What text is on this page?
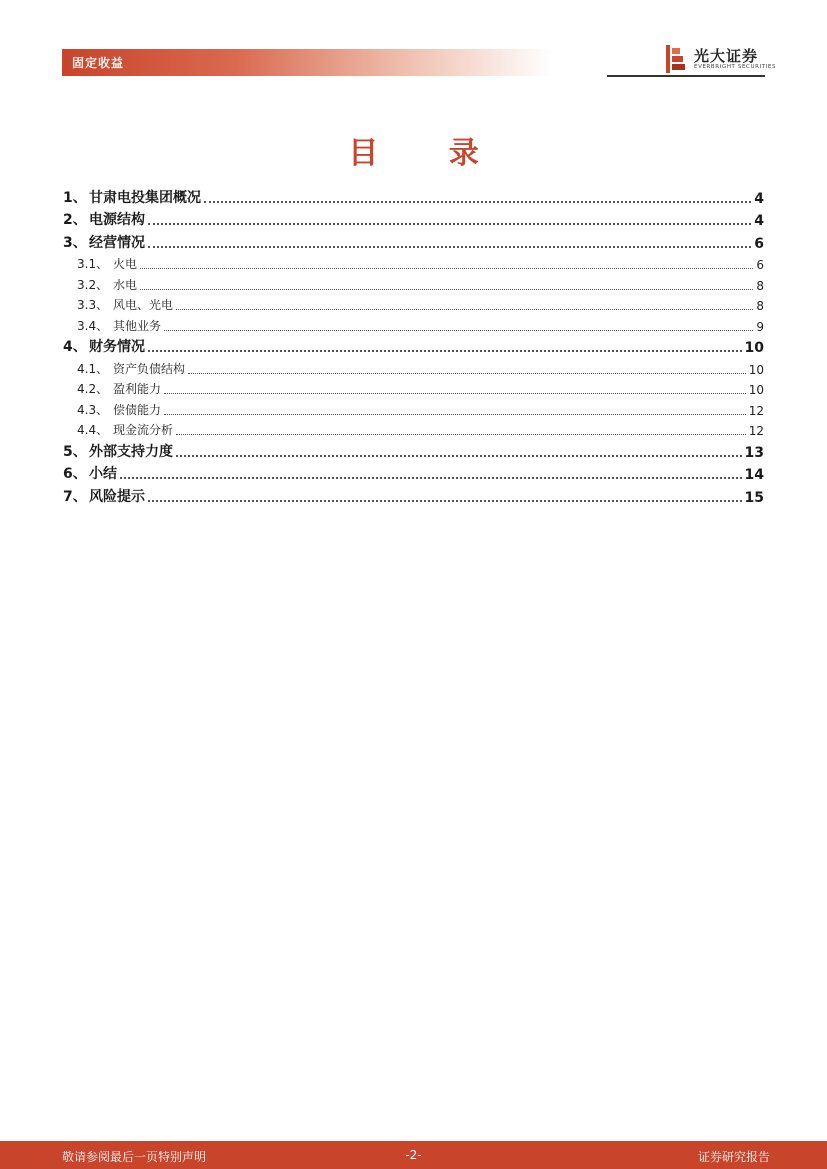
固定收益	光大证券
EVERBRIGHT SECURITIES
目 录
1、 甘肃电投集团概况	4
2、 电源结构	4
3、 经营情况	6
3.1、 火电	6
3.2、 水电	8
3.3、 风电、光电	8
3.4、 其他业务	9
4、 财务情况	10
4.1、 资产负债结构	10
4.2、 盈利能力	10
4.3、 偿债能力	12
4.4、 现金流分析	12
5、 外部支持力度	13
6、 小结	14
7、 风险提示	15
敬请参阅最后一页特别声明	-2-	证券研究报告
